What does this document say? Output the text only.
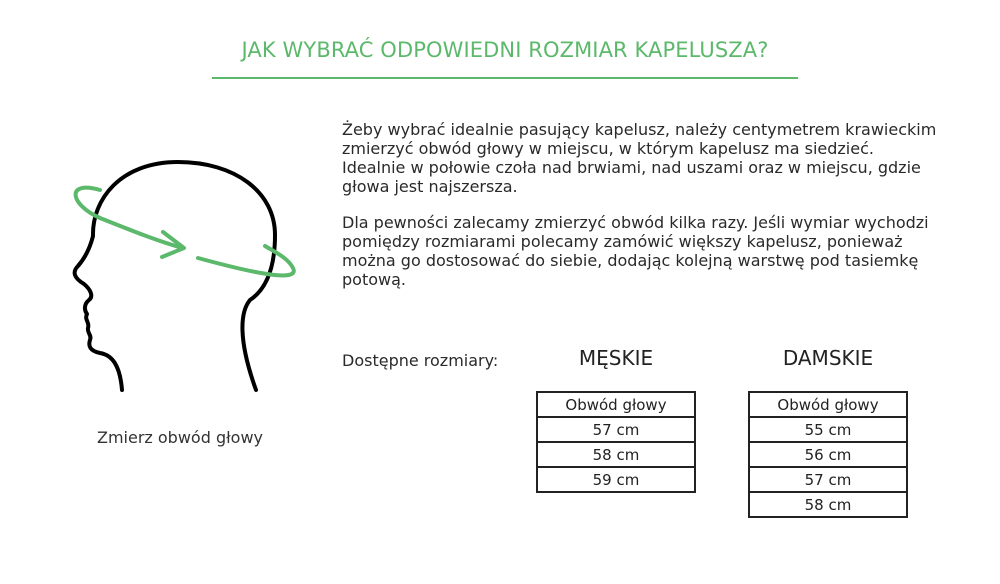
JAK WYBRAĆ ODPOWIEDNI ROZMIAR KAPELUSZA?
Zmierz obwód głowy

Żeby wybrać idealnie pasujący kapelusz, należy centymetrem krawieckim zmierzyć obwód głowy w miejscu, w którym kapelusz ma siedzieć. Idealnie w połowie czoła nad brwiami, nad uszami oraz w miejscu, gdzie głowa jest najszersza.

Dla pewności zalecamy zmierzyć obwód kilka razy. Jeśli wymiar wychodzi pomiędzy rozmiarami polecamy zamówić większy kapelusz, ponieważ można go dostosować do siebie, dodając kolejną warstwę pod tasiemkę potową.

Dostępne rozmiary:	MĘSKIE
Obwód głowy
57 cm
58 cm
59 cm
DAMSKIE
Obwód głowy
55 cm
56 cm
57 cm
58 cm
